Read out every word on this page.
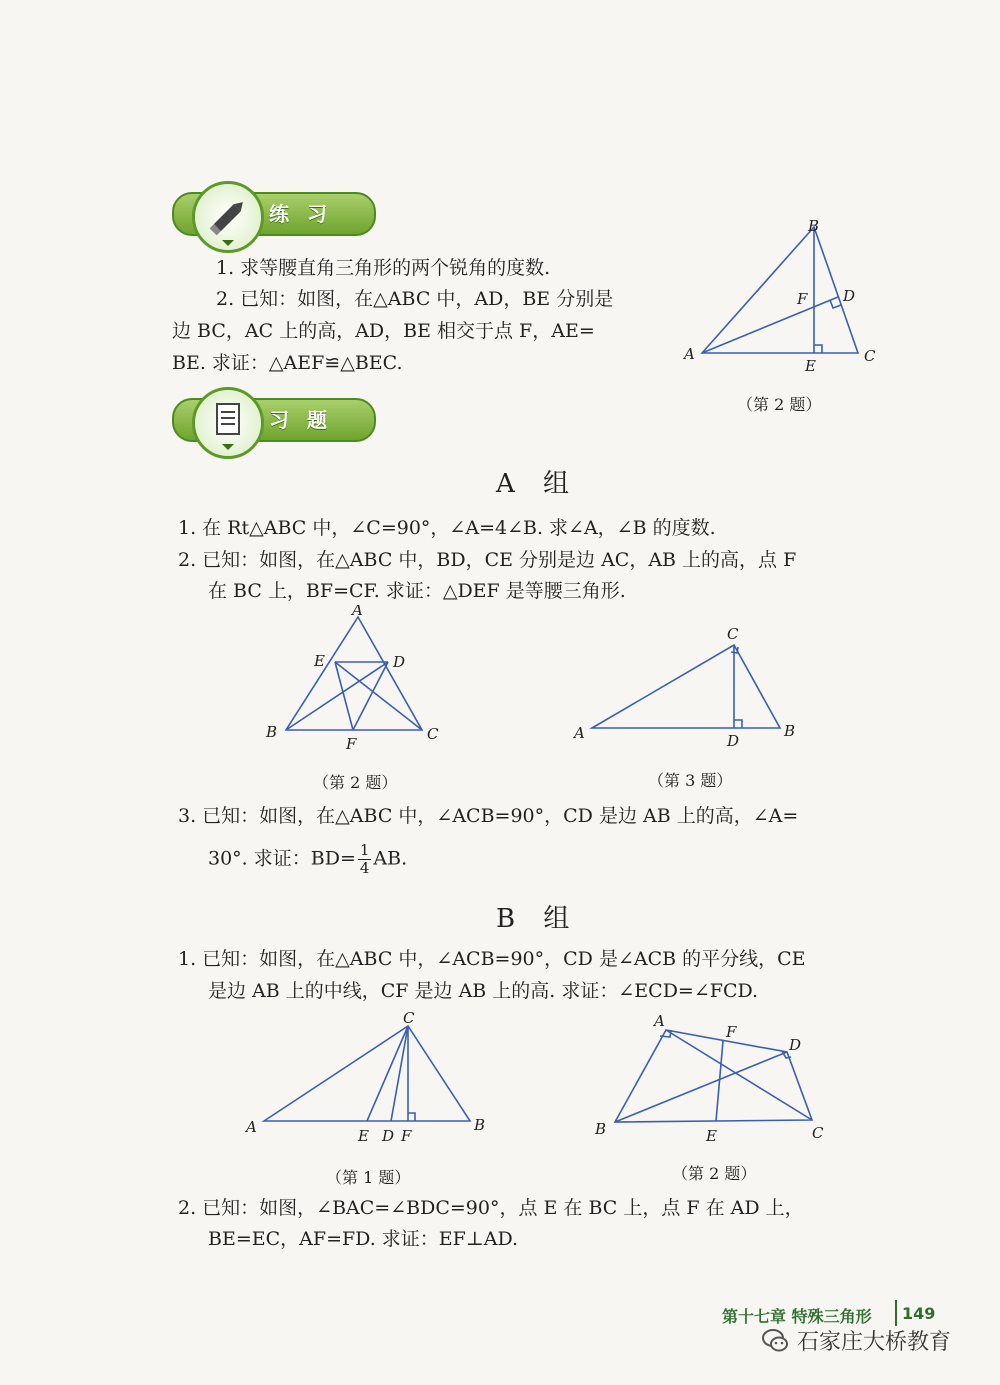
练习
1. 求等腰直角三角形的两个锐角的度数.
2. 已知：如图，在△ABC 中，AD，BE 分别是
边 BC，AC 上的高，AD，BE 相交于点 F，AE=
BE. 求证：△AEF≌△BEC.	A
B
C
D
E
F
（第 2 题）
习题
A 组
1. 在 Rt△ABC 中，∠C=90°，∠A=4∠B. 求∠A，∠B 的度数.
2. 已知：如图，在△ABC 中，BD，CE 分别是边 AC，AB 上的高，点 F
在 BC 上，BF=CF. 求证：△DEF 是等腰三角形.
A
B	C
D
E
F
（第 2 题）
A	B
C
D
（第 3 题）
3. 已知：如图，在△ABC 中，∠ACB=90°，CD 是边 AB 上的高，∠A=
30°. 求证：$BD= \frac{1}{4}$ AB.
B 组
1. 已知：如图，在△ABC 中，∠ACB=90°，CD 是∠ACB 的平分线，CE
是边 AB 上的中线，CF 是边 AB 上的高. 求证：∠ECD=∠FCD.
A	B
C
E D F
（第 1 题）
A
B	C
D
E
F
（第 2 题）
2. 已知：如图，∠BAC=∠BDC=90°，点 E 在 BC 上，点 F 在 AD 上，
BE=EC，AF=FD. 求证：EF⊥AD.
第十七章 特殊三角形 149
石家庄大桥教育
